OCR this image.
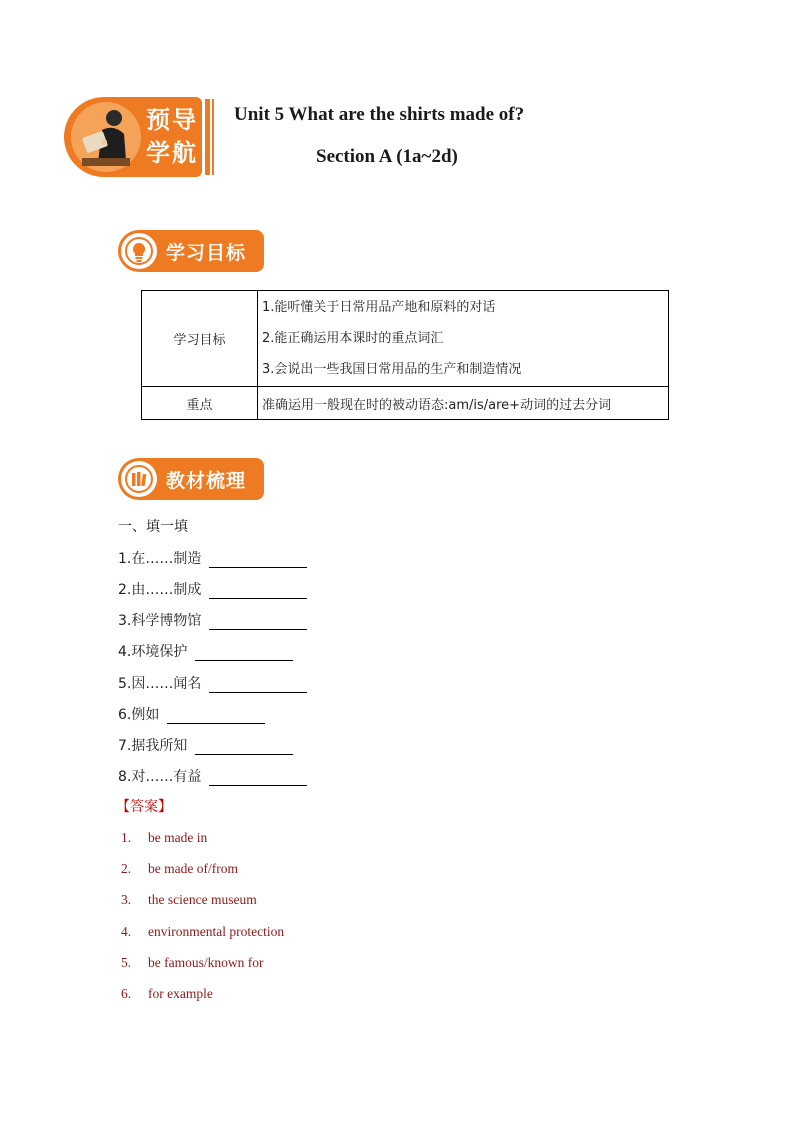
预导
学航
Unit 5 What are the shirts made of?
Section A (1a~2d)
学习目标
学习目标	1.能听懂关于日常用品产地和原料的对话
2.能正确运用本课时的重点词汇
3.会说出一些我国日常用品的生产和制造情况

重点	准确运用一般现在时的被动语态:am/is/are+动词的过去分词
教材梳理
一、填一填
1.在……制造
2.由……制成
3.科学博物馆
4.环境保护
5.因……闻名
6.例如
7.据我所知
8.对……有益
【答案】
1. be made in
2. be made of/from
3. the science museum
4. environmental protection
5. be famous/known for
6. for example
